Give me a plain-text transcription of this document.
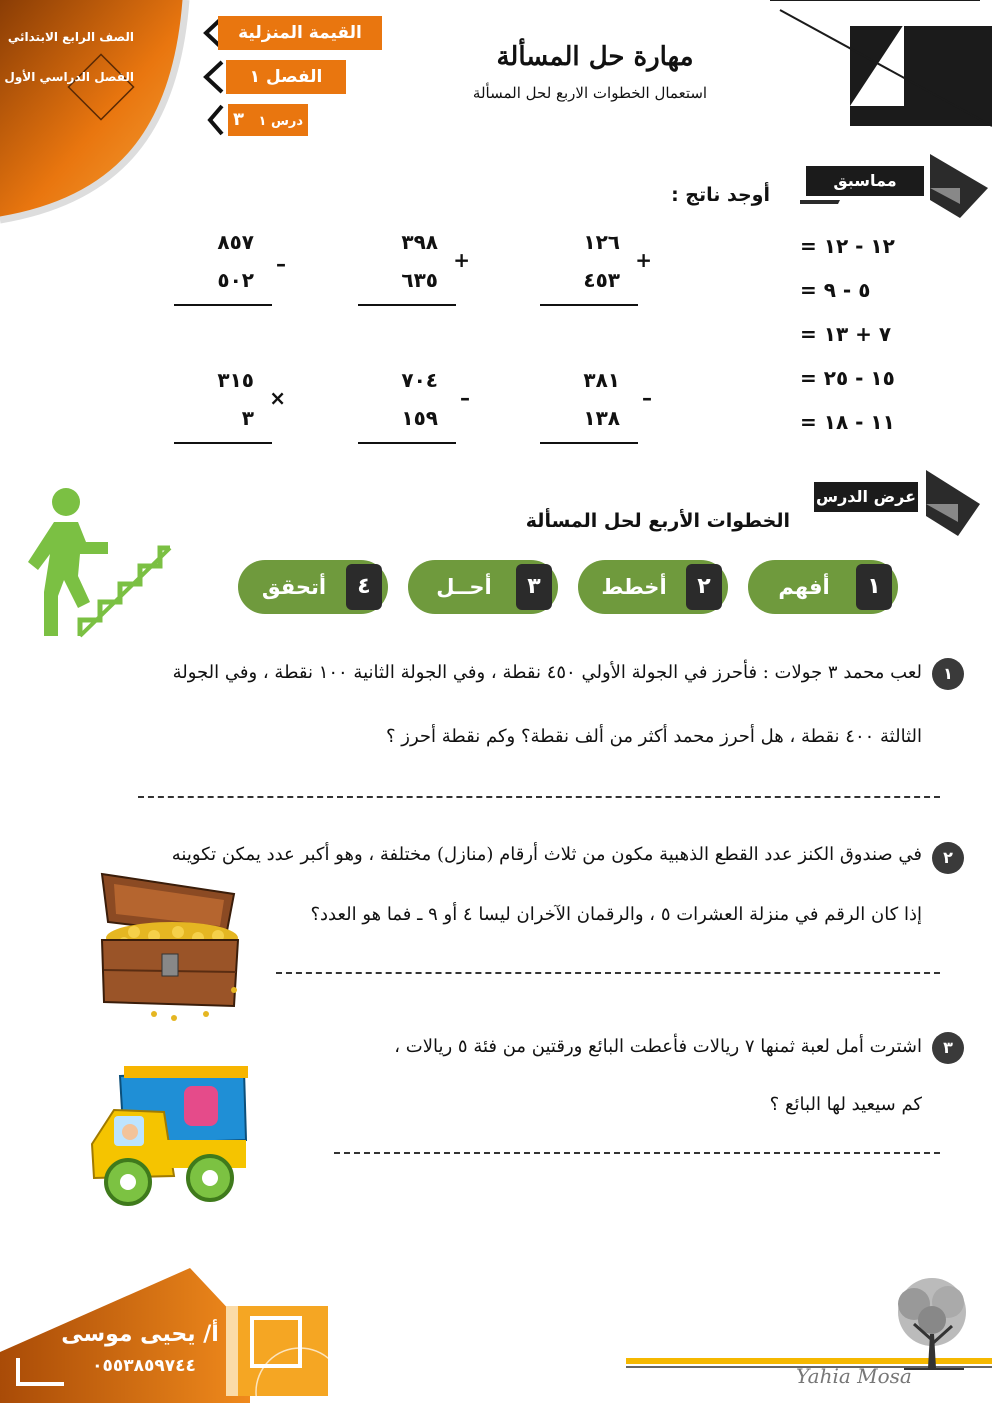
الصف الرابع الابتدائي
الفصل الدراسي الأول
القيمة المنزلية
الفصل ١
٣ درس ١
مهارة حل المسألة
استعمال الخطوات الاربع لحل المسألة
مماسبق
أوجد ناتج :
١٢٦
٤٥٣
+
٣٩٨
٦٣٥
+
٨٥٧
٥٠٢
–
٣٨١
١٣٨
–
٧٠٤
١٥٩
–
٣١٥
٣
×
= ١٢ - ١٢
= ٥ - ٩
= ٧ + ١٣
= ١٥ - ٢٥
= ١١ - ١٨
عرض الدرس
الخطوات الأربع لحل المسألة
أفهم	١
أخطط	٢
أحــل	٣
أتحقق	٤
١
لعب محمد ٣ جولات : فأحرز في الجولة الأولي ٤٥٠ نقطة ، وفي الجولة الثانية ١٠٠ نقطة ، وفي الجولة
الثالثة ٤٠٠ نقطة ، هل أحرز محمد أكثر من ألف نقطة؟ وكم نقطة أحرز ؟
٢
في صندوق الكنز عدد القطع الذهبية مكون من ثلاث أرقام (منازل) مختلفة ، وهو أكبر عدد يمكن تكوينه
إذا كان الرقم في منزلة العشرات ٥ ، والرقمان الآخران ليسا ٤ أو ٩ ـ فما هو العدد؟
٣
اشترت أمل لعبة ثمنها ٧ ريالات فأعطت البائع ورقتين من فئة ٥ ريالات ،
كم سيعيد لها البائع ؟
أ/ يحيى موسى
٠٥٥٣٨٥٩٧٤٤	Yahia Mosa
